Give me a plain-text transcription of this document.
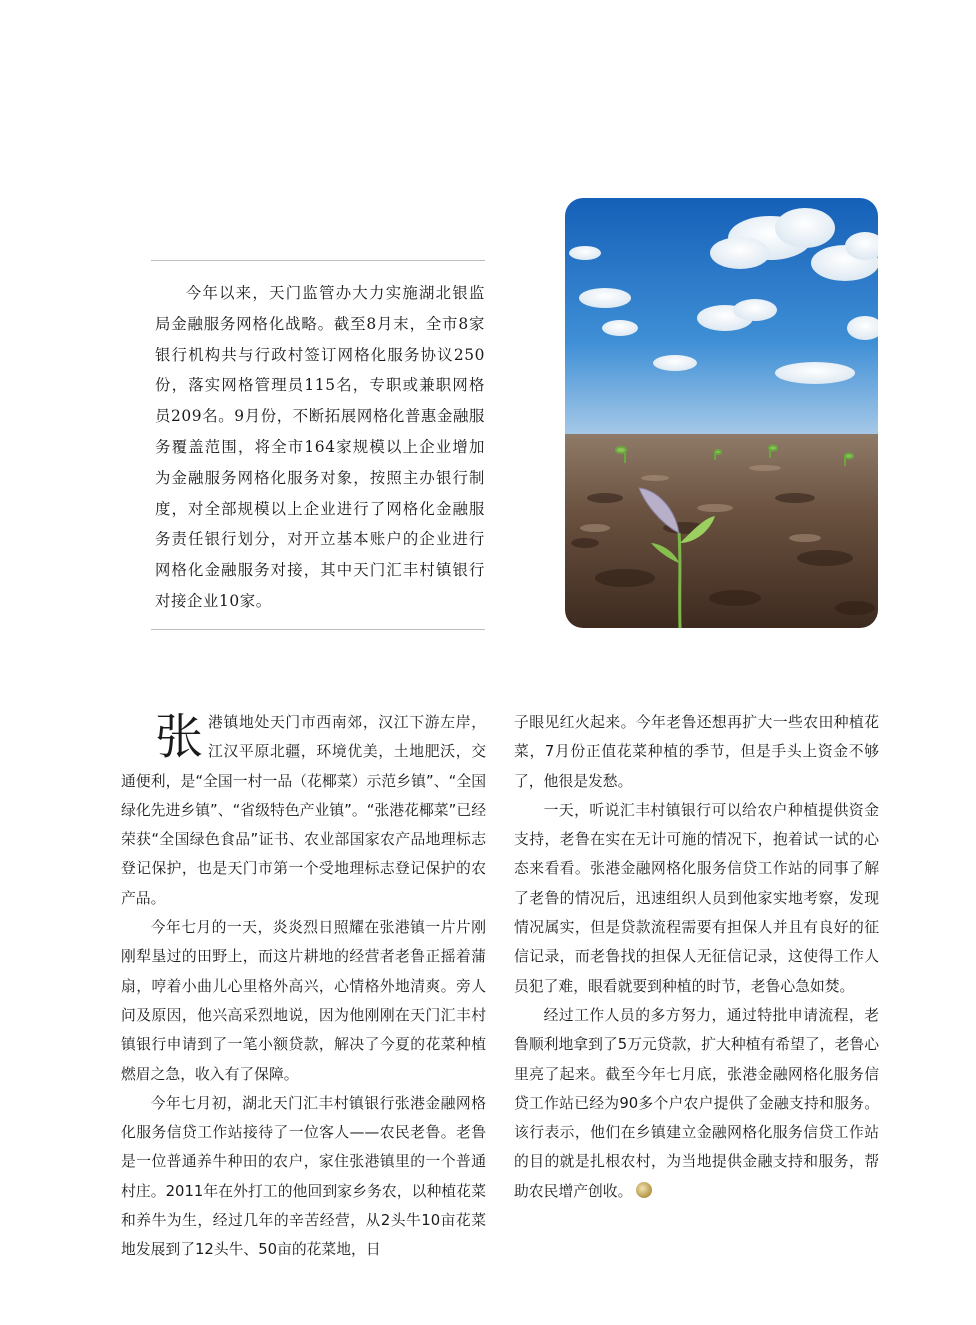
今年以来，天门监管办大力实施湖北银监局金融服务网格化战略。截至8月末，全市8家银行机构共与行政村签订网格化服务协议250份，落实网格管理员115名，专职或兼职网格员209名。9月份，不断拓展网格化普惠金融服务覆盖范围，将全市164家规模以上企业增加为金融服务网格化服务对象，按照主办银行制度，对全部规模以上企业进行了网格化金融服务责任银行划分，对开立基本账户的企业进行网格化金融服务对接，其中天门汇丰村镇银行对接企业10家。

张港镇地处天门市西南郊，汉江下游左岸，江汉平原北疆，环境优美，土地肥沃，交通便利，是“全国一村一品（花椰菜）示范乡镇”、“全国绿化先进乡镇”、“省级特色产业镇”。“张港花椰菜”已经荣获“全国绿色食品”证书、农业部国家农产品地理标志登记保护，也是天门市第一个受地理标志登记保护的农产品。

今年七月的一天，炎炎烈日照耀在张港镇一片片刚刚犁垦过的田野上，而这片耕地的经营者老鲁正摇着蒲扇，哼着小曲儿心里格外高兴，心情格外地清爽。旁人问及原因，他兴高采烈地说，因为他刚刚在天门汇丰村镇银行申请到了一笔小额贷款，解决了今夏的花菜种植燃眉之急，收入有了保障。

今年七月初，湖北天门汇丰村镇银行张港金融网格化服务信贷工作站接待了一位客人——农民老鲁。老鲁是一位普通养牛种田的农户，家住张港镇里的一个普通村庄。2011年在外打工的他回到家乡务农，以种植花菜和养牛为生，经过几年的辛苦经营，从2头牛10亩花菜地发展到了12头牛、50亩的花菜地，日

子眼见红火起来。今年老鲁还想再扩大一些农田种植花菜，7月份正值花菜种植的季节，但是手头上资金不够了，他很是发愁。

一天，听说汇丰村镇银行可以给农户种植提供资金支持，老鲁在实在无计可施的情况下，抱着试一试的心态来看看。张港金融网格化服务信贷工作站的同事了解了老鲁的情况后，迅速组织人员到他家实地考察，发现情况属实，但是贷款流程需要有担保人并且有良好的征信记录，而老鲁找的担保人无征信记录，这使得工作人员犯了难，眼看就要到种植的时节，老鲁心急如焚。

经过工作人员的多方努力，通过特批申请流程，老鲁顺利地拿到了5万元贷款，扩大种植有希望了，老鲁心里亮了起来。截至今年七月底，张港金融网格化服务信贷工作站已经为90多个户农户提供了金融支持和服务。该行表示，他们在乡镇建立金融网格化服务信贷工作站的目的就是扎根农村，为当地提供金融支持和服务，帮助农民增产创收。
